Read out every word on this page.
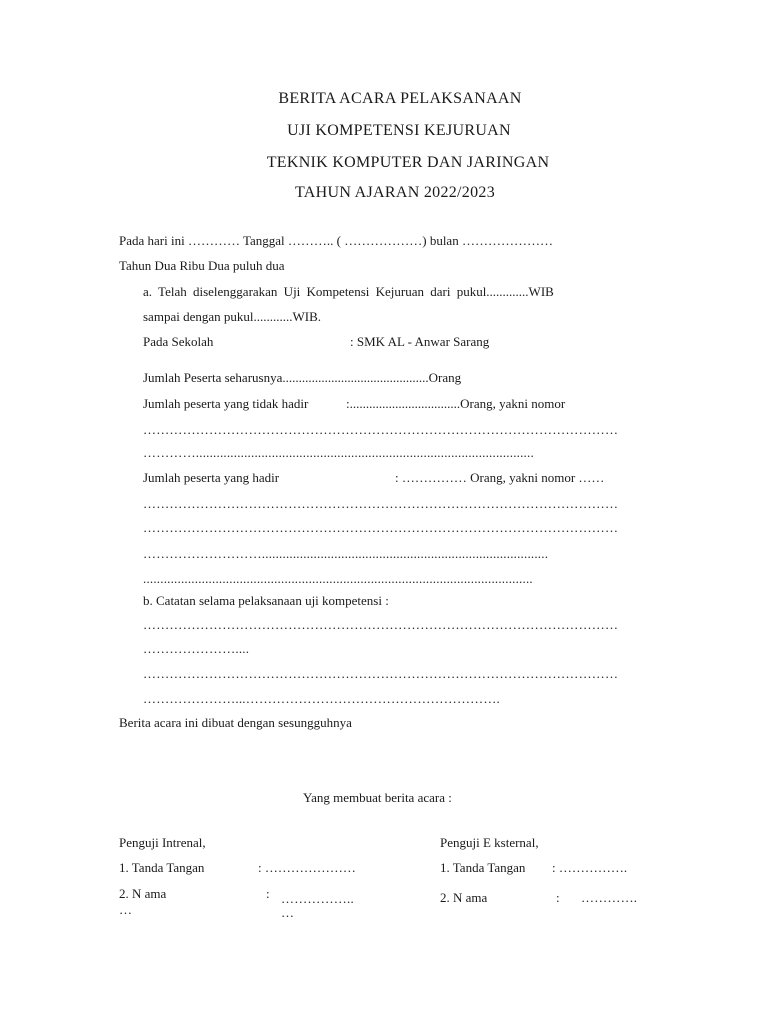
BERITA ACARA PELAKSANAAN
UJI KOMPETENSI KEJURUAN
TEKNIK KOMPUTER DAN JARINGAN
TAHUN AJARAN 2022/2023
Pada hari ini ………… Tanggal ……….. ( ………………) bulan …………………
Tahun Dua Ribu Dua puluh dua
a. Telah diselenggarakan Uji Kompetensi Kejuruan dari pukul.............WIB
sampai dengan pukul............WIB.
Pada Sekolah	: SMK AL - Anwar Sarang
Jumlah Peserta seharusnya.............................................Orang
Jumlah peserta yang tidak hadir	:..................................Orang, yakni nomor
………………………………………………………………………………………………
…………..................................................................................................
Jumlah peserta yang hadir	: …………… Orang, yakni nomor ……
………………………………………………………………………………………………
………………………………………………………………………………………………
………………………...................................................................................
.................................................................................................................
b. Catatan selama pelaksanaan uji kompetensi :
………………………………………………………………………………………………
…………………....
………………………………………………………………………………………………
…………………...………………………………………………….
Berita acara ini dibuat dengan sesungguhnya
Yang membuat berita acara :
Penguji Intrenal,
1. Tanda Tangan	: …………………
2. N ama	: ……………..
…	…
Penguji E ksternal,
1. Tanda Tangan : …………….
2. N ama	: ………….
